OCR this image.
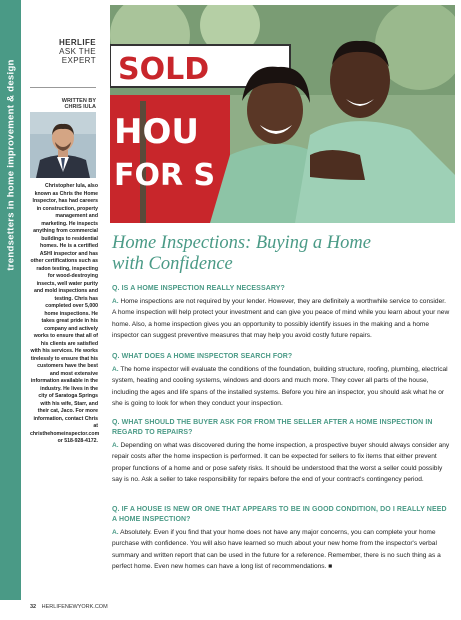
trendsetters in home improvement & design
HERLIFE
ASK THE
EXPERT
WRITTEN BY
CHRIS IULA
Christopher Iula, also known as Chris the Home Inspector, has had careers in construction, property management and marketing. He inspects anything from commercial buildings to residential homes. He is a certified ASHI inspector and has other certifications such as radon testing, inspecting for wood-destroying insects, well water purity and mold inspections and testing. Chris has completed over 5,000 home inspections. He takes great pride in his company and actively works to ensure that all of his clients are satisfied with his services. He works tirelessly to ensure that his customers have the best and most extensive information available in the industry. He lives in the city of Saratoga Springs with his wife, Starr, and their cat, Jaco. For more information, contact Chris at christhehomeinspector.com or 518-928-4172.
SOLD
HOU
FOR S
Home Inspections: Buying a Home
with Confidence
Q. IS A HOME INSPECTION REALLY NECESSARY?
A. Home inspections are not required by your lender. However, they are definitely a worthwhile service to consider. A home inspection will help protect your investment and can give you peace of mind while you learn about your new home. Also, a home inspection gives you an opportunity to possibly identify issues in the making and a home inspector can suggest preventive measures that may help you avoid costly future repairs.
Q. WHAT DOES A HOME INSPECTOR SEARCH FOR?
A. The home inspector will evaluate the conditions of the foundation, building structure, roofing, plumbing, electrical system, heating and cooling systems, windows and doors and much more. They cover all parts of the house, including the ages and life spans of the installed systems. Before you hire an inspector, you should ask what he or she is going to look for when they conduct your inspection.
Q. WHAT SHOULD THE BUYER ASK FOR FROM THE SELLER AFTER A HOME INSPECTION IN REGARD TO REPAIRS?
A. Depending on what was discovered during the home inspection, a prospective buyer should always consider any repair costs after the home inspection is performed. It can be expected for sellers to fix items that either prevent proper functions of a home and or pose safety risks. It should be understood that the worst a seller could possibly say is no. Ask a seller to take responsibility for repairs before the end of your contract's contingency period.
Q. IF A HOUSE IS NEW OR ONE THAT APPEARS TO BE IN GOOD CONDITION, DO I REALLY NEED A HOME INSPECTION?
A. Absolutely. Even if you find that your home does not have any major concerns, you can complete your home purchase with confidence. You will also have learned so much about your new home from the inspector's verbal summary and written report that can be used in the future for a reference. Remember, there is no such thing as a perfect home. Even new homes can have a long list of recommendations. ■
32 HERLIFENEWYORK.COM
